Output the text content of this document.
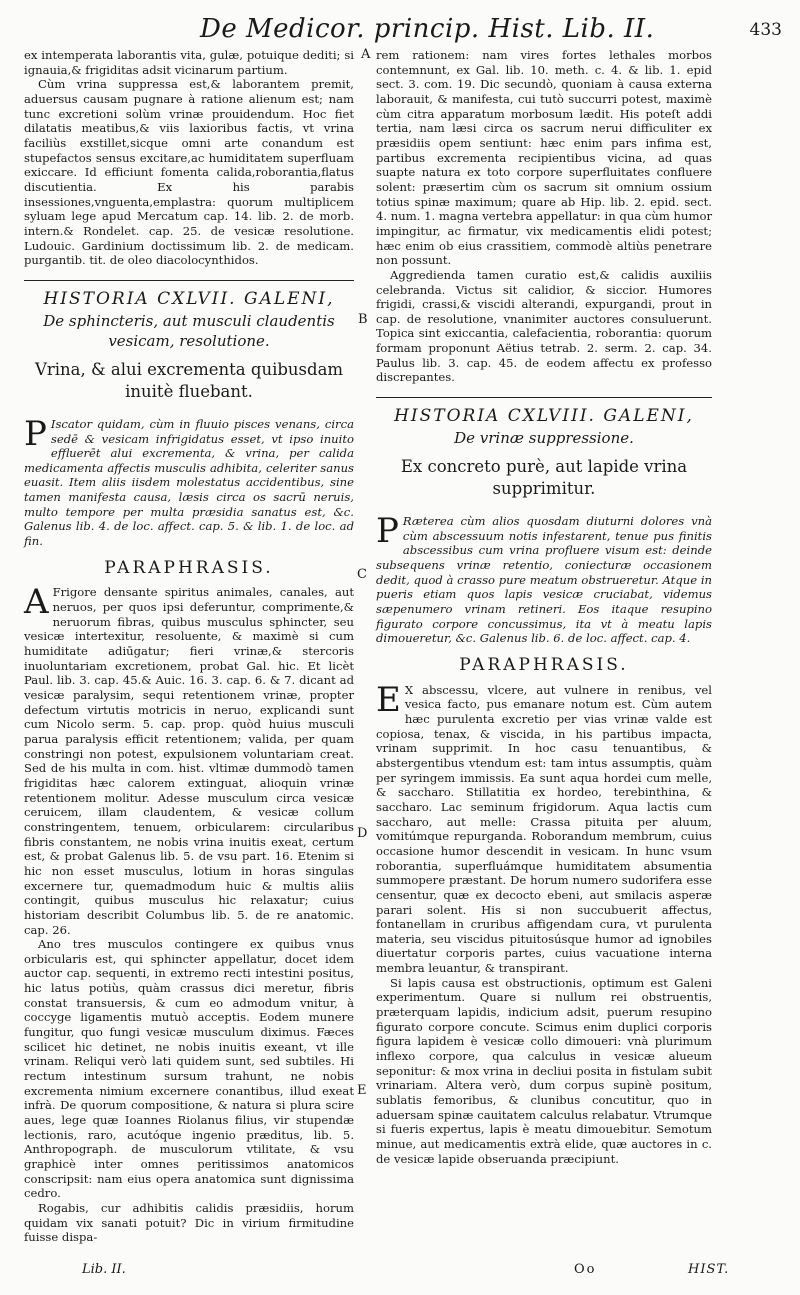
De Medicor. princip. Hist. Lib. II.	433
A
B
C
D
E

ex intemperata laborantis vita, gulæ, potuique dediti; si ignauia,& frigiditas adsit vicinarum partium.

Cùm vrina suppressa est,& laborantem premit, aduersus causam pugnare à ratione alienum est; nam tunc excretioni solùm vrinæ prouidendum. Hoc fiet dilatatis meatibus,& viis laxioribus factis, vt vrina faciliùs exstillet,sicque omni arte conandum est stupefactos sensus excitare,ac humiditatem superfluam exiccare. Id efficiunt fomenta calida,roborantia,flatus discutientia. Ex his parabis insessiones,vnguenta,emplastra: quorum multiplicem syluam lege apud Mercatum cap. 14. lib. 2. de morb. intern.& Rondelet. cap. 25. de vesicæ resolutione. Ludouic. Gardinium doctissimum lib. 2. de medicam. purgantib. tit. de oleo diacolocynthidos.

HISTORIA CXLVII. GALENI,
De sphincteris, aut musculi claudentis vesicam, resolutione.
Vrina, & alui excrementa quibusdam inuitè fluebant.

P Iscator quidam, cùm in fluuio pisces venans, circa sedē & vesicam infrigidatus esset, vt ipso inuito effluerēt alui excrementa, & vrina, per calida medicamenta affectis musculis adhibita, celeriter sanus euasit. Item aliis iisdem molestatus accidentibus, sine tamen manifesta causa, læsis circa os sacrū neruis, multo tempore per multa præsidia sanatus est, &c. Galenus lib. 4. de loc. affect. cap. 5. & lib. 1. de loc. ad fin.

PARAPHRASIS.

A Frigore densante spiritus animales, canales, aut neruos, per quos ipsi deferuntur, comprimente,& neruorum fibras, quibus musculus sphincter, seu vesicæ intertexitur, resoluente, & maximè si cum humiditate adiūgatur; fieri vrinæ,& stercoris inuoluntariam excretionem, probat Gal. hic. Et licèt Paul. lib. 3. cap. 45.& Auic. 16. 3. cap. 6. & 7. dicant ad vesicæ paralysim, sequi retentionem vrinæ, propter defectum virtutis motricis in neruo, explicandi sunt cum Nicolo serm. 5. cap. prop. quòd huius musculi parua paralysis efficit retentionem; valida, per quam constringi non potest, expulsionem voluntariam creat. Sed de his multa in com. hist. vltimæ dummodò tamen frigiditas hæc calorem extinguat, alioquin vrinæ retentionem molitur. Adesse musculum circa vesicæ ceruicem, illam claudentem, & vesicæ collum constringentem, tenuem, orbicularem: circularibus fibris constantem, ne nobis vrina inuitis exeat, certum est, & probat Galenus lib. 5. de vsu part. 16. Etenim si hic non esset musculus, lotium in horas singulas excernere tur, quemadmodum huic & multis aliis contingit, quibus musculus hic relaxatur; cuius historiam describit Columbus lib. 5. de re anatomic. cap. 26.

Ano tres musculos contingere ex quibus vnus orbicularis est, qui sphincter appellatur, docet idem auctor cap. sequenti, in extremo recti intestini positus, hic latus potiùs, quàm crassus dici meretur, fibris constat transuersis, & cum eo admodum vnitur, à coccyge ligamentis mutuò acceptis. Eodem munere fungitur, quo fungi vesicæ musculum diximus. Fæces scilicet hic detinet, ne nobis inuitis exeant, vt ille vrinam. Reliqui verò lati quidem sunt, sed subtiles. Hi rectum intestinum sursum trahunt, ne nobis excrementa nimium excernere conantibus, illud exeat infrà. De quorum compositione, & natura si plura scire aues, lege quæ Ioannes Riolanus filius, vir stupendæ lectionis, raro, acutóque ingenio præditus, lib. 5. Anthropograph. de musculorum vtilitate, & vsu graphicè inter omnes peritissimos anatomicos conscripsit: nam eius opera anatomica sunt dignissima cedro.

Rogabis, cur adhibitis calidis præsidiis, horum quidam vix sanati potuit? Dic in virium firmitudine fuisse dispa-

rem rationem: nam vires fortes lethales morbos contemnunt, ex Gal. lib. 10. meth. c. 4. & lib. 1. epid sect. 3. com. 19. Dic secundò, quoniam à causa externa laborauit, & manifesta, cui tutò succurri potest, maximè cùm citra apparatum morbosum lædit. His poteſt addi tertia, nam læsi circa os sacrum nerui difficuliter ex præsidiis opem sentiunt: hæc enim pars infima est, partibus excrementa recipientibus vicina, ad quas suapte natura ex toto corpore superfluitates confluere solent: præsertim cùm os sacrum sit omnium ossium totius spinæ maximum; quare ab Hip. lib. 2. epid. sect. 4. num. 1. magna vertebra appellatur: in qua cùm humor impingitur, ac firmatur, vix medicamentis elidi potest; hæc enim ob eius crassitiem, commodè altiùs penetrare non possunt.

Aggredienda tamen curatio est,& calidis auxiliis celebranda. Victus sit calidior, & siccior. Humores frigidi, crassi,& viscidi alterandi, expurgandi, prout in cap. de resolutione, vnanimiter auctores consuluerunt. Topica sint exiccantia, calefacientia, roborantia: quorum formam proponunt Aëtius tetrab. 2. serm. 2. cap. 34. Paulus lib. 3. cap. 45. de eodem affectu ex professo discrepantes.

HISTORIA CXLVIII. GALENI,
De vrinæ suppressione.
Ex concreto purè, aut lapide vrina supprimitur.

P Ræterea cùm alios quosdam diuturni dolores vnà cùm abscessuum notis infestarent, tenue pus finitis abscessibus cum vrina profluere visum est: deinde subsequens vrinæ retentio, coniecturæ occasionem dedit, quod à crasso pure meatum obstrueretur. Atque in pueris etiam quos lapis vesicæ cruciabat, videmus sæpenumero vrinam retineri. Eos itaque resupino figurato corpore concussimus, ita vt à meatu lapis dimoueretur, &c. Galenus lib. 6. de loc. affect. cap. 4.

PARAPHRASIS.

E X abscessu, vlcere, aut vulnere in renibus, vel vesica facto, pus emanare notum est. Cùm autem hæc purulenta excretio per vias vrinæ valde est copiosa, tenax, & viscida, in his partibus impacta, vrinam supprimit. In hoc casu tenuantibus, & abstergentibus vtendum est: tam intus assumptis, quàm per syringem immissis. Ea sunt aqua hordei cum melle, & saccharo. Stillatitia ex hordeo, terebinthina, & saccharo. Lac seminum frigidorum. Aqua lactis cum saccharo, aut melle: Crassa pituita per aluum, vomitúmque repurganda. Roborandum membrum, cuius occasione humor descendit in vesicam. In hunc vsum roborantia, superfluámque humiditatem absumentia summopere præstant. De horum numero sudorifera esse censentur, quæ ex decocto ebeni, aut smilacis asperæ parari solent. His si non succubuerit affectus, fontanellam in cruribus affigendam cura, vt purulenta materia, seu viscidus pituitosúsque humor ad ignobiles diuertatur corporis partes, cuius vacuatione interna membra leuantur, & transpirant.

Si lapis causa est obstructionis, optimum est Galeni experimentum. Quare si nullum rei obstruentis, præterquam lapidis, indicium adsit, puerum resupino figurato corpore concute. Scimus enim duplici corporis figura lapidem è vesicæ collo dimoueri: vnà plurimum inflexo corpore, qua calculus in vesicæ alueum seponitur: & mox vrina in decliui posita in fistulam subit vrinariam. Altera verò, dum corpus supinè positum, sublatis femoribus, & clunibus concutitur, quo in aduersam spinæ cauitatem calculus relabatur. Vtrumque si fueris expertus, lapis è meatu dimouebitur. Semotum minue, aut medicamentis extrà elide, quæ auctores in c. de vesicæ lapide obseruanda præcipiunt.

Lib. II.	Oo	HIST.
